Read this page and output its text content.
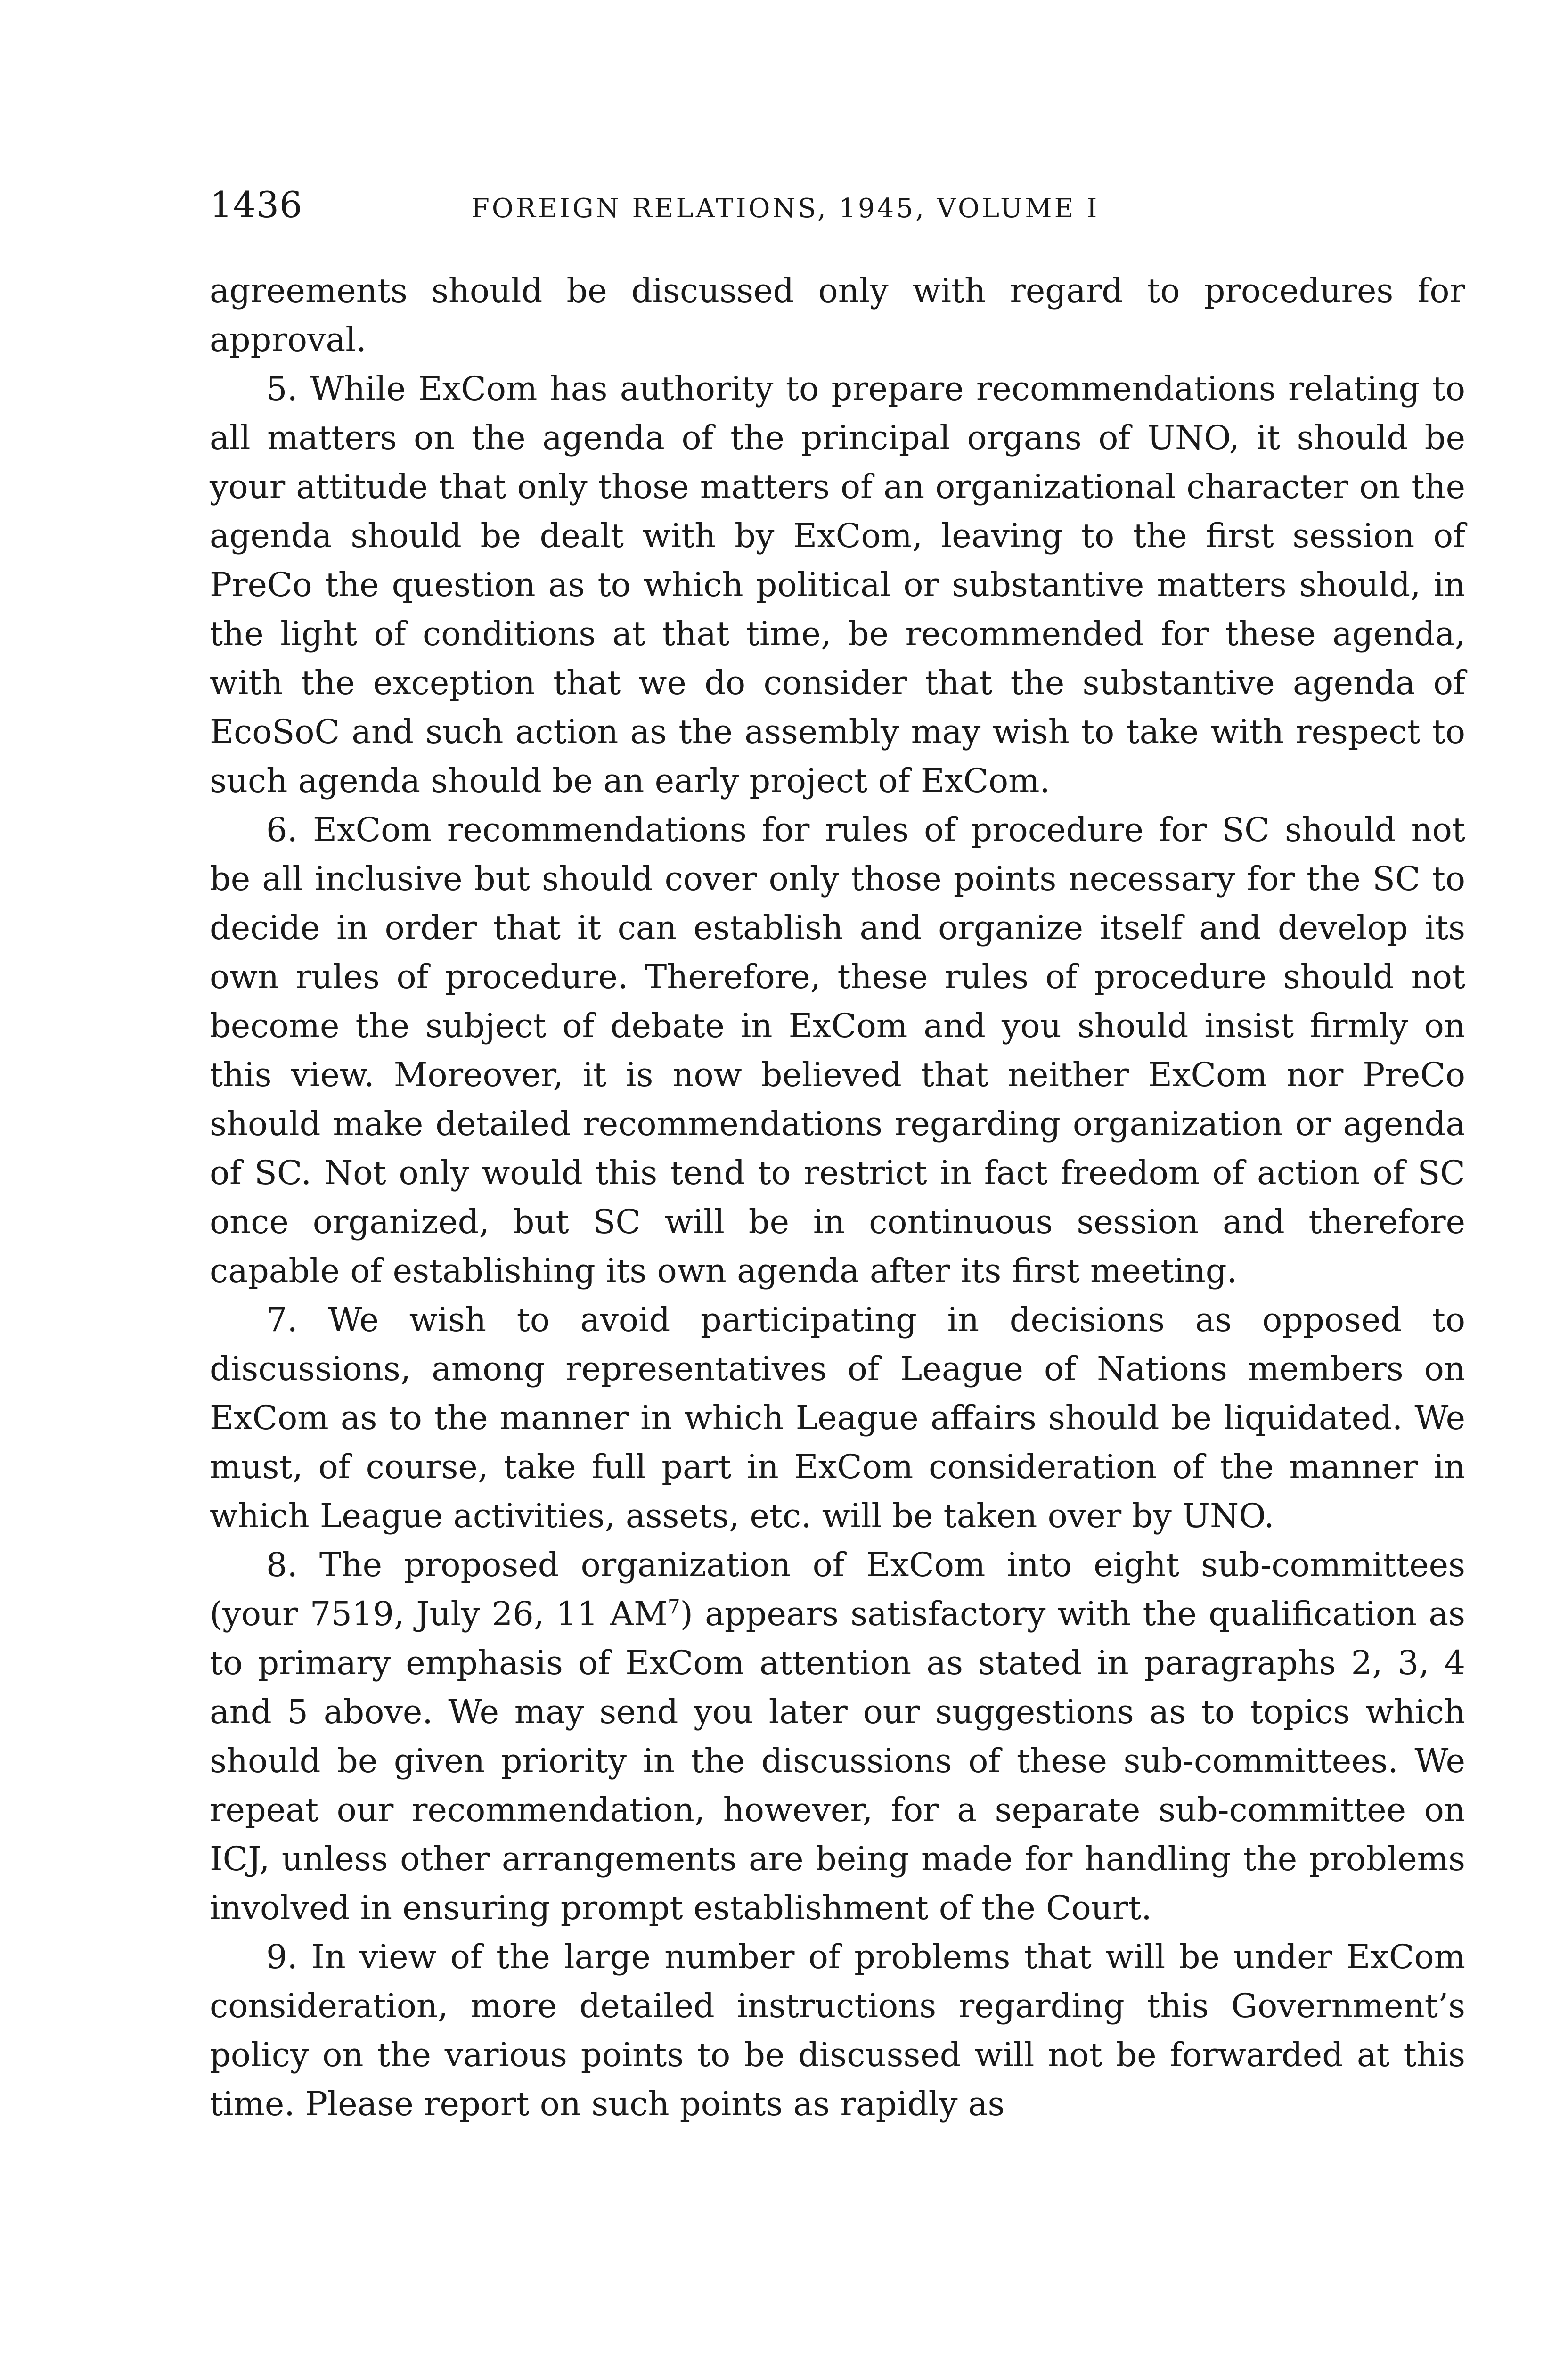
1436	FOREIGN RELATIONS, 1945, VOLUME I

agreements should be discussed only with regard to procedures for approval.

5. While ExCom has authority to prepare recommendations relating to all matters on the agenda of the principal organs of UNO, it should be your attitude that only those matters of an organizational character on the agenda should be dealt with by ExCom, leaving to the first session of PreCo the question as to which political or substantive matters should, in the light of conditions at that time, be recommended for these agenda, with the exception that we do consider that the substantive agenda of EcoSoC and such action as the assembly may wish to take with respect to such agenda should be an early project of ExCom.

6. ExCom recommendations for rules of procedure for SC should not be all inclusive but should cover only those points necessary for the SC to decide in order that it can establish and organize itself and develop its own rules of procedure. Therefore, these rules of procedure should not become the subject of debate in ExCom and you should insist firmly on this view. Moreover, it is now believed that neither ExCom nor PreCo should make detailed recommendations regarding organization or agenda of SC. Not only would this tend to restrict in fact freedom of action of SC once organized, but SC will be in continuous session and therefore capable of establishing its own agenda after its first meeting.

7. We wish to avoid participating in decisions as opposed to discussions, among representatives of League of Nations members on ExCom as to the manner in which League affairs should be liquidated. We must, of course, take full part in ExCom consideration of the manner in which League activities, assets, etc. will be taken over by UNO.

8. The proposed organization of ExCom into eight sub-committees (your 7519, July 26, 11 $AM^7$) appears satisfactory with the qualification as to primary emphasis of ExCom attention as stated in paragraphs 2, 3, 4 and 5 above. We may send you later our suggestions as to topics which should be given priority in the discussions of these sub-committees. We repeat our recommendation, however, for a separate sub-committee on ICJ, unless other arrangements are being made for handling the problems involved in ensuring prompt establishment of the Court.

9. In view of the large number of problems that will be under ExCom consideration, more detailed instructions regarding this Government’s policy on the various points to be discussed will not be forwarded at this time. Please report on such points as rapidly as
